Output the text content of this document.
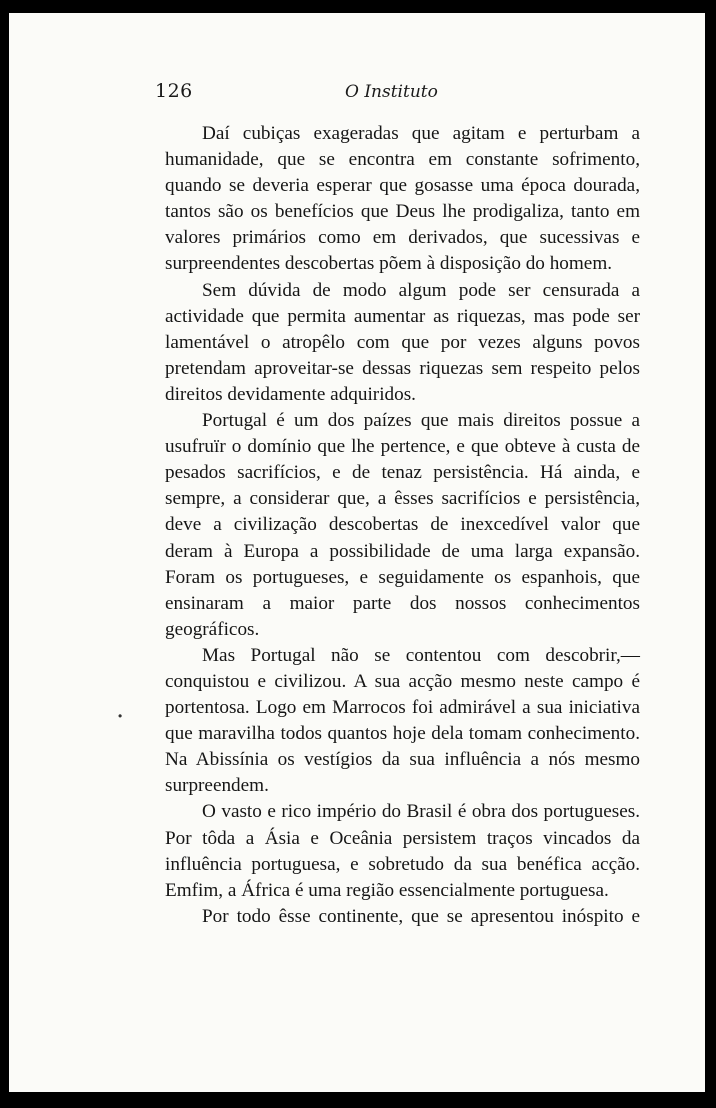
126	O Instituto

Daí cubiças exageradas que agitam e perturbam a humanidade, que se encontra em constante sofrimento, quando se deveria esperar que gosasse uma época dourada, tantos são os benefícios que Deus lhe prodigaliza, tanto em valores primários como em derivados, que sucessivas e surpreendentes descobertas põem à disposição do homem.

Sem dúvida de modo algum pode ser censurada a actividade que permita aumentar as riquezas, mas pode ser lamentável o atropêlo com que por vezes alguns povos pretendam aproveitar-se dessas riquezas sem respeito pelos direitos devidamente adquiridos.

Portugal é um dos paízes que mais direitos possue a usufruïr o domínio que lhe pertence, e que obteve à custa de pesados sacrifícios, e de tenaz persistência. Há ainda, e sempre, a considerar que, a êsses sacrifícios e persistência, deve a civilização descobertas de inexcedível valor que deram à Europa a possibilidade de uma larga expansão. Foram os portugueses, e seguidamente os espanhois, que ensinaram a maior parte dos nossos conhecimentos geográficos.

Mas Portugal não se contentou com descobrir,—conquistou e civilizou. A sua acção mesmo neste campo é portentosa. Logo em Marrocos foi admirável a sua iniciativa que maravilha todos quantos hoje dela tomam conhecimento. Na Abissínia os vestígios da sua influência a nós mesmo surpreendem.

O vasto e rico império do Brasil é obra dos portugueses. Por tôda a Ásia e Oceânia persistem traços vincados da influência portuguesa, e sobretudo da sua benéfica acção. Emfim, a África é uma região essencialmente portuguesa.

Por todo êsse continente, que se apresentou inóspito e

•
